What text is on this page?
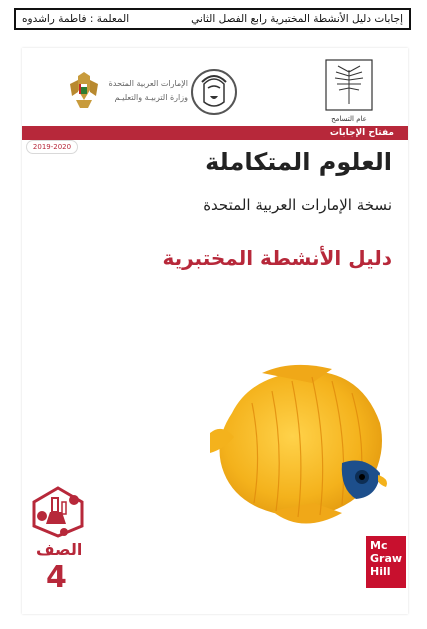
إجابات دليل الأنشطة المختبرية رابع الفصل الثاني
المعلمة : فاطمة راشدوه
الإمارات العربية المتحدة
وزارة التربيـة والتعليـم
عام التسامح
مفتاح الإجابات
2019-2020
العلوم المتكاملة
نسخة الإمارات العربية المتحدة
دليل الأنشطة المختبرية
الصف
4
Mc
Graw
Hill
